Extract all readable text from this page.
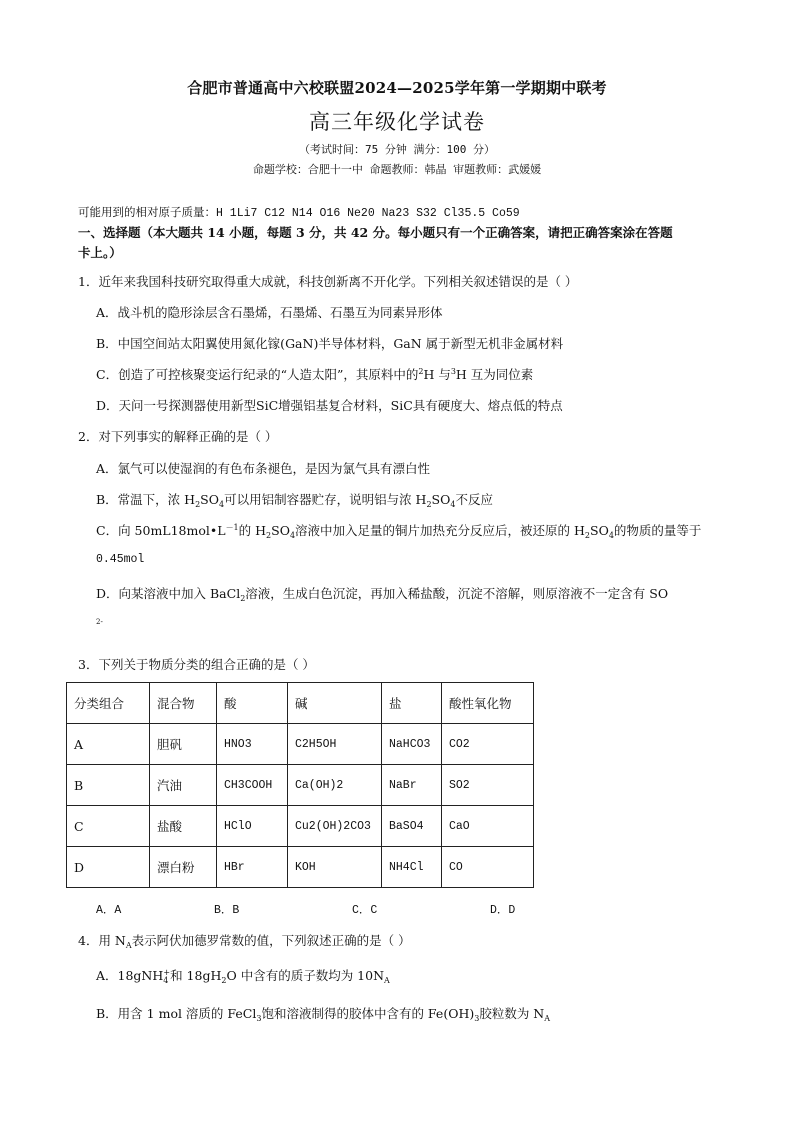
合肥市普通高中六校联盟2024—2025学年第一学期期中联考
高三年级化学试卷
（考试时间：75 分钟 满分：100 分）
命题学校：合肥十一中 命题教师：韩晶 审题教师：武媛媛
可能用到的相对原子质量：H 1Li7 C12 N14 O16 Ne20 Na23 S32 Cl35.5 Co59
一、选择题（本大题共 14 小题，每题 3 分，共 42 分。每小题只有一个正确答案，请把正确答案涂在答题
卡上。）
1．近年来我国科技研究取得重大成就，科技创新离不开化学。下列相关叙述错误的是（ ）
A．战斗机的隐形涂层含石墨烯，石墨烯、石墨互为同素异形体
B．中国空间站太阳翼使用氮化镓(GaN)半导体材料，GaN 属于新型无机非金属材料
C．创造了可控核聚变运行纪录的“人造太阳”，其原料中的$^2$H 与$^3$H 互为同位素
D．天问一号探测器使用新型SiC增强铝基复合材料，SiC具有硬度大、熔点低的特点
2．对下列事实的解释正确的是（ ）
A．氯气可以使湿润的有色布条褪色，是因为氯气具有漂白性
B．常温下，浓 $H_2SO_4$可以用铝制容器贮存，说明铝与浓 $H_2SO_4$不反应
C．向 $50mL18mol•L^{-1}$的 $H_2SO_4$溶液中加入足量的铜片加热充分反应后，被还原的 $H_2SO_4$的物质的量等于
0.45mol
D．向某溶液中加入 BaCl$_2$溶液，生成白色沉淀，再加入稀盐酸，沉淀不溶解，则原溶液不一定含有 SO
2-
3．下列关于物质分类的组合正确的是（ ）
分类组合	混合物	酸	碱	盐	酸性氧化物
A	胆矾	HNO3	C2H5OH	NaHCO3	CO2
B	汽油	CH3COOH	Ca(OH)2	NaBr	SO2
C	盐酸	HClO	Cu2(OH)2CO3	BaSO4	CaO
D	漂白粉	HBr	KOH	NH4Cl	CO
A．A	B．B	C．C	D．D
4．用 $N_A$表示阿伏加德罗常数的值，下列叙述正确的是（ ）
A．18gNH$_4$+和 $18gH_2O$ 中含有的质子数均为 $10N_A$
B．用含 1 mol 溶质的 FeCl$_3$饱和溶液制得的胶体中含有的 $Fe(OH)_3$胶粒数为 $N_A$
